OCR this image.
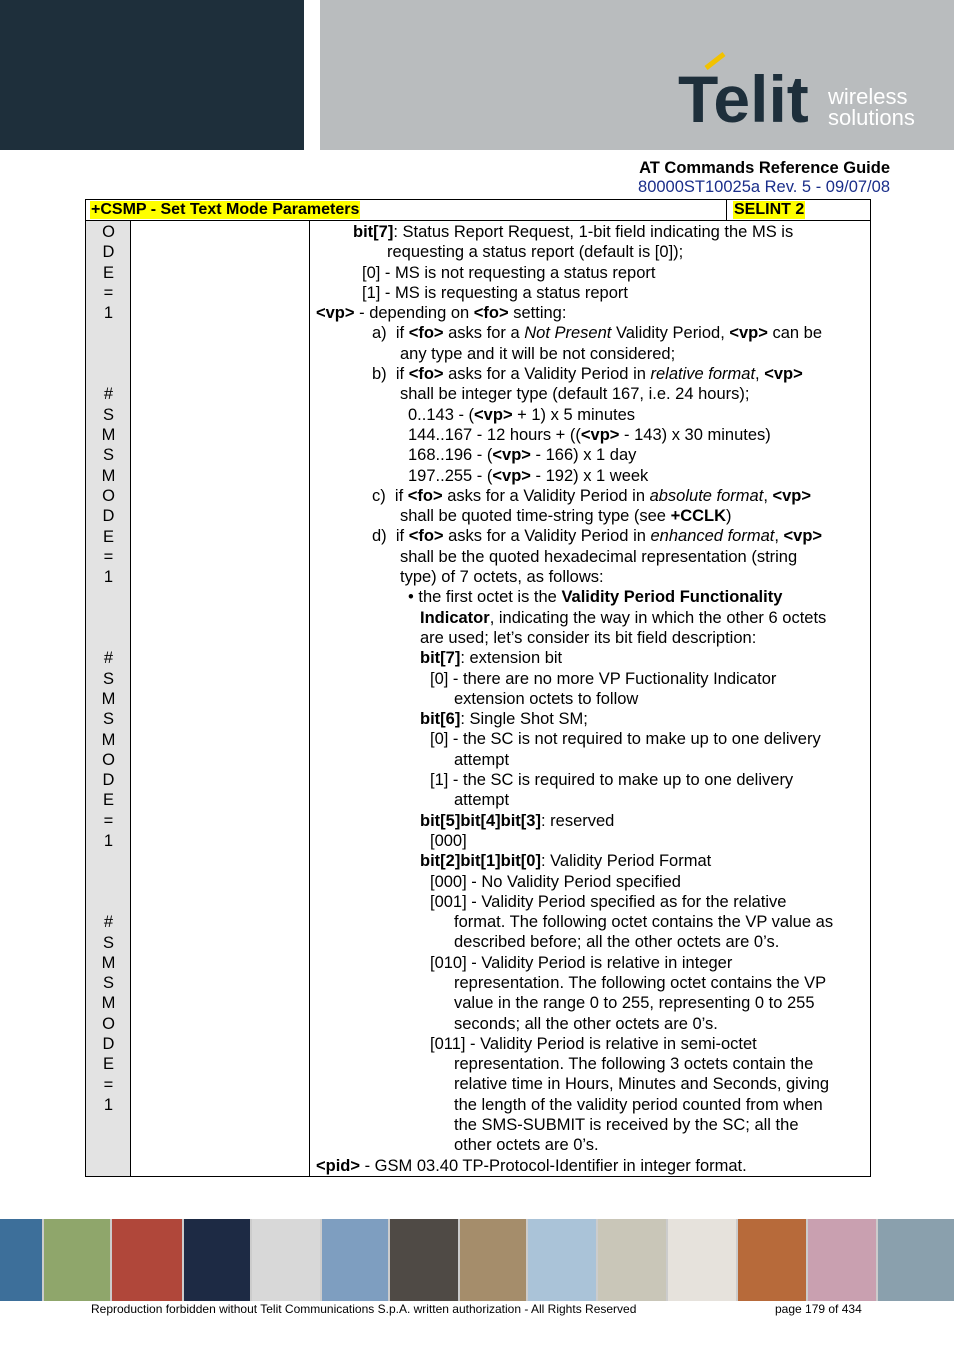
Telit wireless
solutions
AT Commands Reference Guide
80000ST10025a Rev. 5 - 09/07/08
+CSMP - Set Text Mode Parameters	SELINT 2
O
D
E
=
1
#
S
M
S
M
O
D
E
=
1
#
S
M
S
M
O
D
E
=
1
#
S
M
S
M
O
D
E
=
1
bit[7]: Status Report Request, 1-bit field indicating the MS is
requesting a status report (default is [0]);
[0] - MS is not requesting a status report
[1] - MS is requesting a status report
<vp> - depending on <fo> setting:
a) if <fo> asks for a Not Present Validity Period, <vp> can be
any type and it will be not considered;
b) if <fo> asks for a Validity Period in relative format, <vp>
shall be integer type (default 167, i.e. 24 hours);
0..143 - (<vp> + 1) x 5 minutes
144..167 - 12 hours + ((<vp> - 143) x 30 minutes)
168..196 - (<vp> - 166) x 1 day
197..255 - (<vp> - 192) x 1 week
c) if <fo> asks for a Validity Period in absolute format, <vp>
shall be quoted time-string type (see +CCLK)
d) if <fo> asks for a Validity Period in enhanced format, <vp>
shall be the quoted hexadecimal representation (string
type) of 7 octets, as follows:
• the first octet is the Validity Period Functionality
Indicator, indicating the way in which the other 6 octets
are used; let’s consider its bit field description:
bit[7]: extension bit
[0] - there are no more VP Fuctionality Indicator
extension octets to follow
bit[6]: Single Shot SM;
[0] - the SC is not required to make up to one delivery
attempt
[1] - the SC is required to make up to one delivery
attempt
bit[5]bit[4]bit[3]: reserved
[000]
bit[2]bit[1]bit[0]: Validity Period Format
[000] - No Validity Period specified
[001] - Validity Period specified as for the relative
format. The following octet contains the VP value as
described before; all the other octets are 0’s.
[010] - Validity Period is relative in integer
representation. The following octet contains the VP
value in the range 0 to 255, representing 0 to 255
seconds; all the other octets are 0’s.
[011] - Validity Period is relative in semi-octet
representation. The following 3 octets contain the
relative time in Hours, Minutes and Seconds, giving
the length of the validity period counted from when
the SMS-SUBMIT is received by the SC; all the
other octets are 0’s.
<pid> - GSM 03.40 TP-Protocol-Identifier in integer format.
Reproduction forbidden without Telit Communications S.p.A. written authorization - All Rights Reserved	page 179 of 434
